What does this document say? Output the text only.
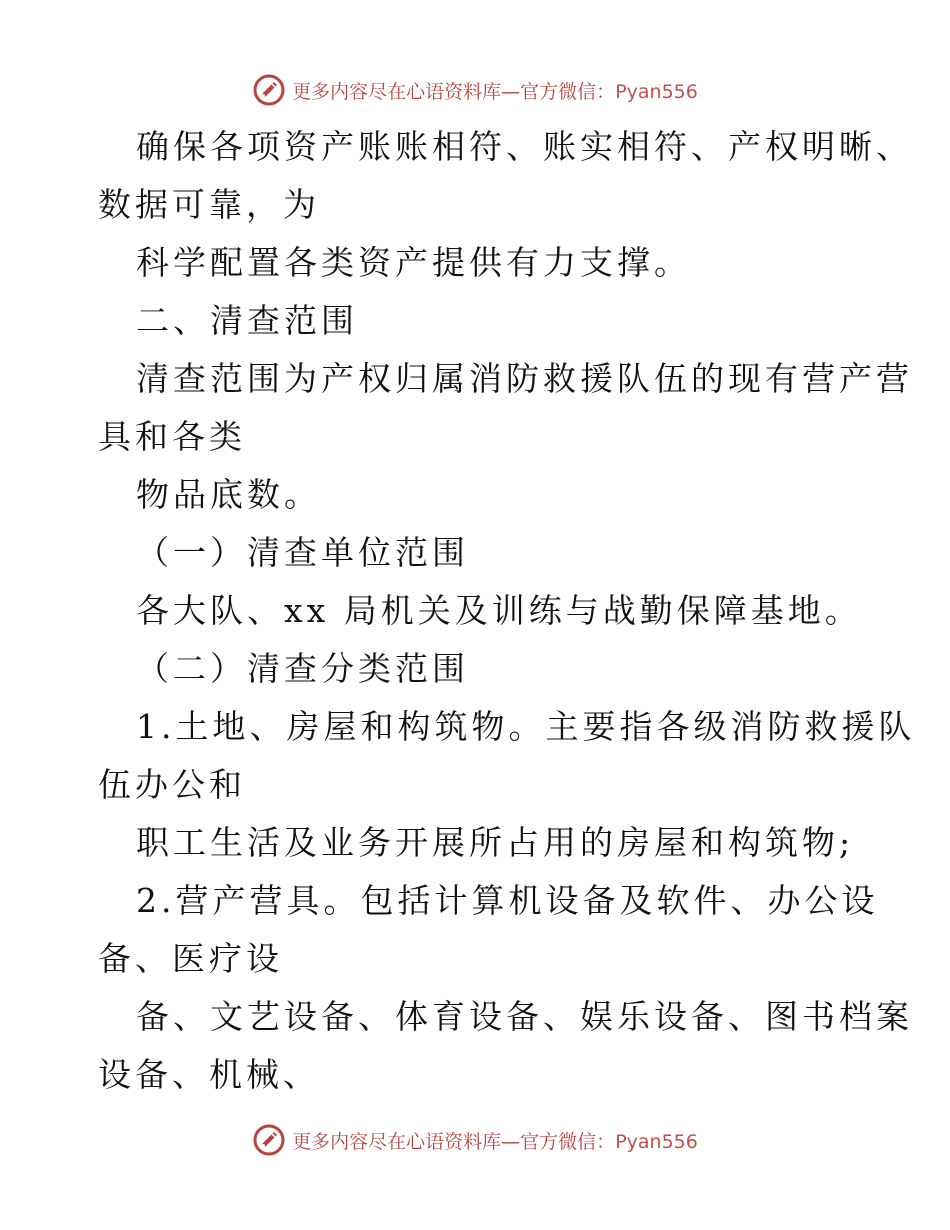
更多内容尽在心语资料库—官方微信：Pyan556
确保各项资产账账相符、账实相符、产权明晰、
数据可靠，为
科学配置各类资产提供有力支撑。
二、清查范围
清查范围为产权归属消防救援队伍的现有营产营
具和各类
物品底数。
（一）清查单位范围
各大队、xx 局机关及训练与战勤保障基地。
（二）清查分类范围
1.土地、房屋和构筑物。主要指各级消防救援队
伍办公和
职工生活及业务开展所占用的房屋和构筑物;
2.营产营具。包括计算机设备及软件、办公设
备、医疗设
备、文艺设备、体育设备、娱乐设备、图书档案
设备、机械、
更多内容尽在心语资料库—官方微信：Pyan556
